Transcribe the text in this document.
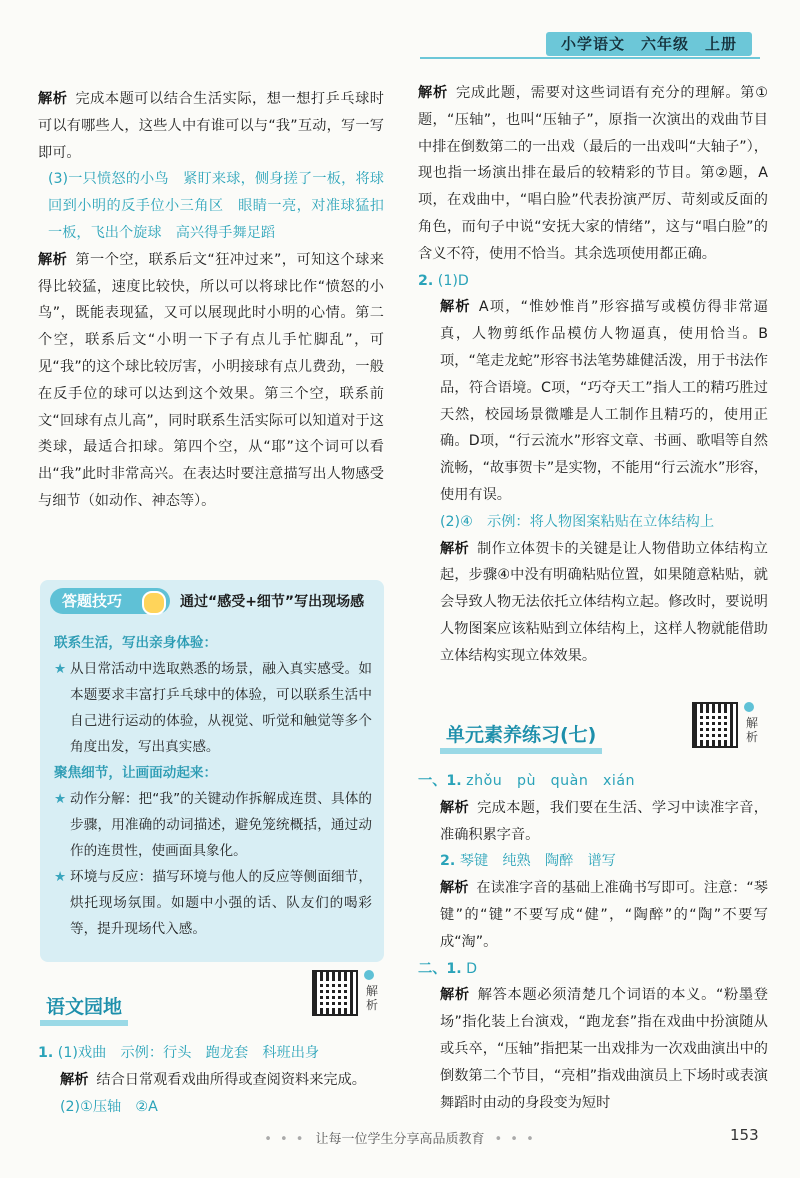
小学语文　六年级　上册

解析 完成本题可以结合生活实际，想一想打乒乓球时可以有哪些人，这些人中有谁可以与“我”互动，写一写即可。

(3)一只愤怒的小鸟　紧盯来球，侧身搓了一板，将球回到小明的反手位小三角区　眼睛一亮，对准球猛扣一板，飞出个旋球　高兴得手舞足蹈

解析 第一个空，联系后文“狂冲过来”，可知这个球来得比较猛，速度比较快，所以可以将球比作“愤怒的小鸟”，既能表现猛，又可以展现此时小明的心情。第二个空，联系后文“小明一下子有点儿手忙脚乱”，可见“我”的这个球比较厉害，小明接球有点儿费劲，一般在反手位的球可以达到这个效果。第三个空，联系前文“回球有点儿高”，同时联系生活实际可以知道对于这类球，最适合扣球。第四个空，从“耶”这个词可以看出“我”此时非常高兴。在表达时要注意描写出人物感受与细节（如动作、神态等）。

答题技巧	通过“感受+细节”写出现场感

联系生活，写出亲身体验：

★ 从日常活动中选取熟悉的场景，融入真实感受。如本题要求丰富打乒乓球中的体验，可以联系生活中自己进行运动的体验，从视觉、听觉和触觉等多个角度出发，写出真实感。

聚焦细节，让画面动起来：

★ 动作分解：把“我”的关键动作拆解成连贯、具体的步骤，用准确的动词描述，避免笼统概括，通过动作的连贯性，使画面具象化。

★ 环境与反应：描写环境与他人的反应等侧面细节，烘托现场氛围。如题中小强的话、队友们的喝彩等，提升现场代入感。

语文园地
解析

1. (1)戏曲　示例：行头　跑龙套　科班出身

解析 结合日常观看戏曲所得或查阅资料来完成。

(2)①压轴　②A

解析 完成此题，需要对这些词语有充分的理解。第①题，“压轴”，也叫“压轴子”，原指一次演出的戏曲节目中排在倒数第二的一出戏（最后的一出戏叫“大轴子”），现也指一场演出排在最后的较精彩的节目。第②题，A项，在戏曲中，“唱白脸”代表扮演严厉、苛刻或反面的角色，而句子中说“安抚大家的情绪”，这与“唱白脸”的含义不符，使用不恰当。其余选项使用都正确。

2. (1)D

解析 A项，“惟妙惟肖”形容描写或模仿得非常逼真，人物剪纸作品模仿人物逼真，使用恰当。B项，“笔走龙蛇”形容书法笔势雄健活泼，用于书法作品，符合语境。C项，“巧夺天工”指人工的精巧胜过天然，校园场景微雕是人工制作且精巧的，使用正确。D项，“行云流水”形容文章、书画、歌唱等自然流畅，“故事贺卡”是实物，不能用“行云流水”形容，使用有误。

(2)④　示例：将人物图案粘贴在立体结构上

解析 制作立体贺卡的关键是让人物借助立体结构立起，步骤④中没有明确粘贴位置，如果随意粘贴，就会导致人物无法依托立体结构立起。修改时，要说明人物图案应该粘贴到立体结构上，这样人物就能借助立体结构实现立体效果。

单元素养练习(七)
解析

一、1. zhǒu　pù　quàn　xián

解析 完成本题，我们要在生活、学习中读准字音，准确积累字音。

2. 琴键　纯熟　陶醉　谱写

解析 在读准字音的基础上准确书写即可。注意：“琴键”的“键”不要写成“健”，“陶醉”的“陶”不要写成“淘”。

二、1. D

解析 解答本题必须清楚几个词语的本义。“粉墨登场”指化装上台演戏，“跑龙套”指在戏曲中扮演随从或兵卒，“压轴”指把某一出戏排为一次戏曲演出中的倒数第二个节目，“亮相”指戏曲演员上下场时或表演舞蹈时由动的身段变为短时

• • • 让每一位学生分享高品质教育 • • •	153
